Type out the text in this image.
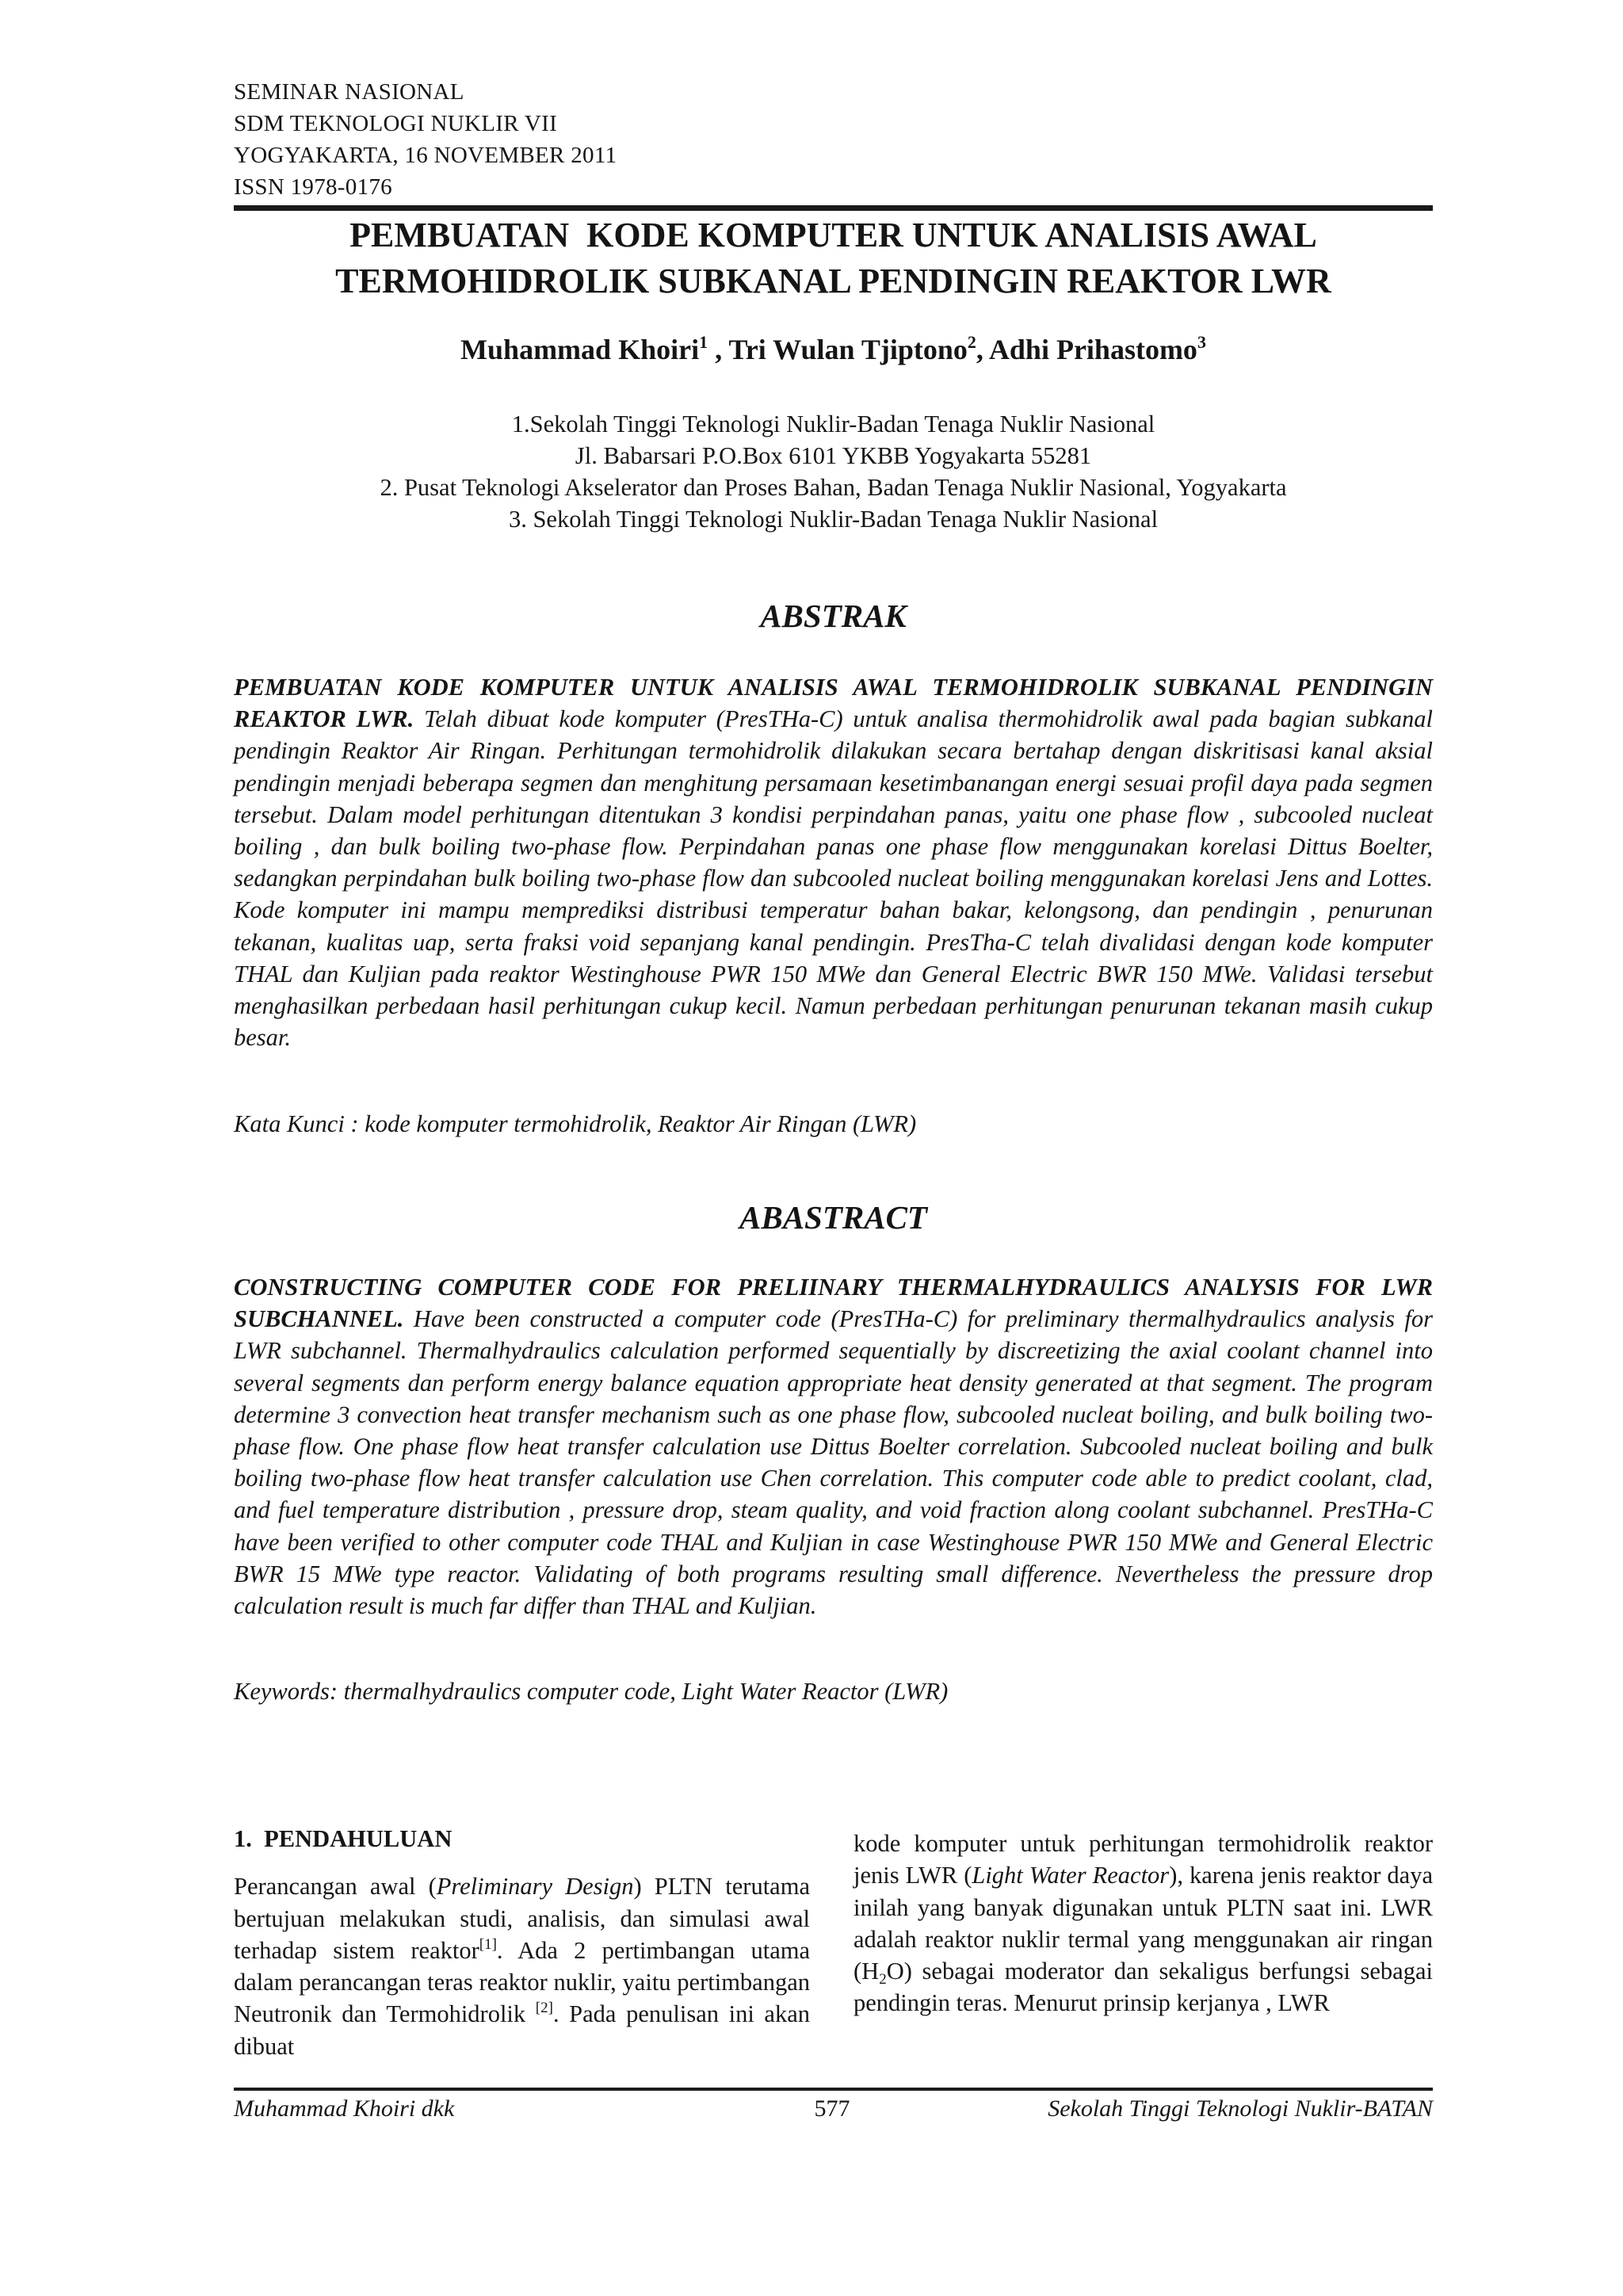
SEMINAR NASIONAL
SDM TEKNOLOGI NUKLIR VII
YOGYAKARTA, 16 NOVEMBER 2011
ISSN 1978-0176
PEMBUATAN  KODE KOMPUTER UNTUK ANALISIS AWAL
TERMOHIDROLIK SUBKANAL PENDINGIN REAKTOR LWR
Muhammad Khoiri$^1$ , Tri Wulan Tjiptono$^2$, Adhi Prihastomo$^3$
1.Sekolah Tinggi Teknologi Nuklir-Badan Tenaga Nuklir Nasional
Jl. Babarsari P.O.Box 6101 YKBB Yogyakarta 55281
2. Pusat Teknologi Akselerator dan Proses Bahan, Badan Tenaga Nuklir Nasional, Yogyakarta
3. Sekolah Tinggi Teknologi Nuklir-Badan Tenaga Nuklir Nasional
ABSTRAK
PEMBUATAN KODE KOMPUTER UNTUK ANALISIS AWAL TERMOHIDROLIK SUBKANAL PENDINGIN REAKTOR LWR. Telah dibuat kode komputer (PresTHa-C) untuk analisa thermohidrolik awal pada bagian subkanal pendingin Reaktor Air Ringan. Perhitungan termohidrolik dilakukan secara bertahap dengan diskritisasi kanal aksial pendingin menjadi beberapa segmen dan menghitung persamaan kesetimbanangan energi sesuai profil daya pada segmen tersebut. Dalam model perhitungan ditentukan 3 kondisi perpindahan panas, yaitu one phase flow , subcooled nucleat boiling , dan bulk boiling two-phase flow. Perpindahan panas one phase flow menggunakan korelasi Dittus Boelter, sedangkan perpindahan bulk boiling two-phase flow dan subcooled nucleat boiling menggunakan korelasi Jens and Lottes. Kode komputer ini mampu memprediksi distribusi temperatur bahan bakar, kelongsong, dan pendingin , penurunan tekanan, kualitas uap, serta fraksi void sepanjang kanal pendingin. PresTha-C telah divalidasi dengan kode komputer THAL dan Kuljian pada reaktor Westinghouse PWR 150 MWe dan General Electric BWR 150 MWe. Validasi tersebut menghasilkan perbedaan hasil perhitungan cukup kecil. Namun perbedaan perhitungan penurunan tekanan masih cukup besar.
Kata Kunci : kode komputer termohidrolik, Reaktor Air Ringan (LWR)
ABASTRACT
CONSTRUCTING COMPUTER CODE FOR PRELIINARY THERMALHYDRAULICS ANALYSIS FOR LWR SUBCHANNEL. Have been constructed a computer code (PresTHa-C) for preliminary thermalhydraulics analysis for LWR subchannel. Thermalhydraulics calculation performed sequentially by discreetizing the axial coolant channel into several segments dan perform energy balance equation appropriate heat density generated at that segment. The program determine 3 convection heat transfer mechanism such as one phase flow, subcooled nucleat boiling, and bulk boiling two-phase flow. One phase flow heat transfer calculation use Dittus Boelter correlation. Subcooled nucleat boiling and bulk boiling two-phase flow heat transfer calculation use Chen correlation. This computer code able to predict coolant, clad, and fuel temperature distribution , pressure drop, steam quality, and void fraction along coolant subchannel. PresTHa-C have been verified to other computer code THAL and Kuljian in case Westinghouse PWR 150 MWe and General Electric BWR 15 MWe type reactor. Validating of both programs resulting small difference. Nevertheless the pressure drop calculation result is much far differ than THAL and Kuljian.
Keywords: thermalhydraulics computer code, Light Water Reactor (LWR)
1.  PENDAHULUAN
Perancangan awal (Preliminary Design) PLTN terutama bertujuan melakukan studi, analisis, dan simulasi awal terhadap sistem reaktor[1]. Ada 2 pertimbangan utama dalam perancangan teras reaktor nuklir, yaitu pertimbangan Neutronik dan Termohidrolik [2]. Pada penulisan ini akan dibuat
kode komputer untuk perhitungan termohidrolik reaktor jenis LWR (Light Water Reactor), karena jenis reaktor daya inilah yang banyak digunakan untuk PLTN saat ini. LWR adalah reaktor nuklir termal yang menggunakan air ringan $(H_2O)$ sebagai moderator dan sekaligus berfungsi sebagai pendingin teras. Menurut prinsip kerjanya , LWR
Muhammad Khoiri dkk	577	Sekolah Tinggi Teknologi Nuklir-BATAN
